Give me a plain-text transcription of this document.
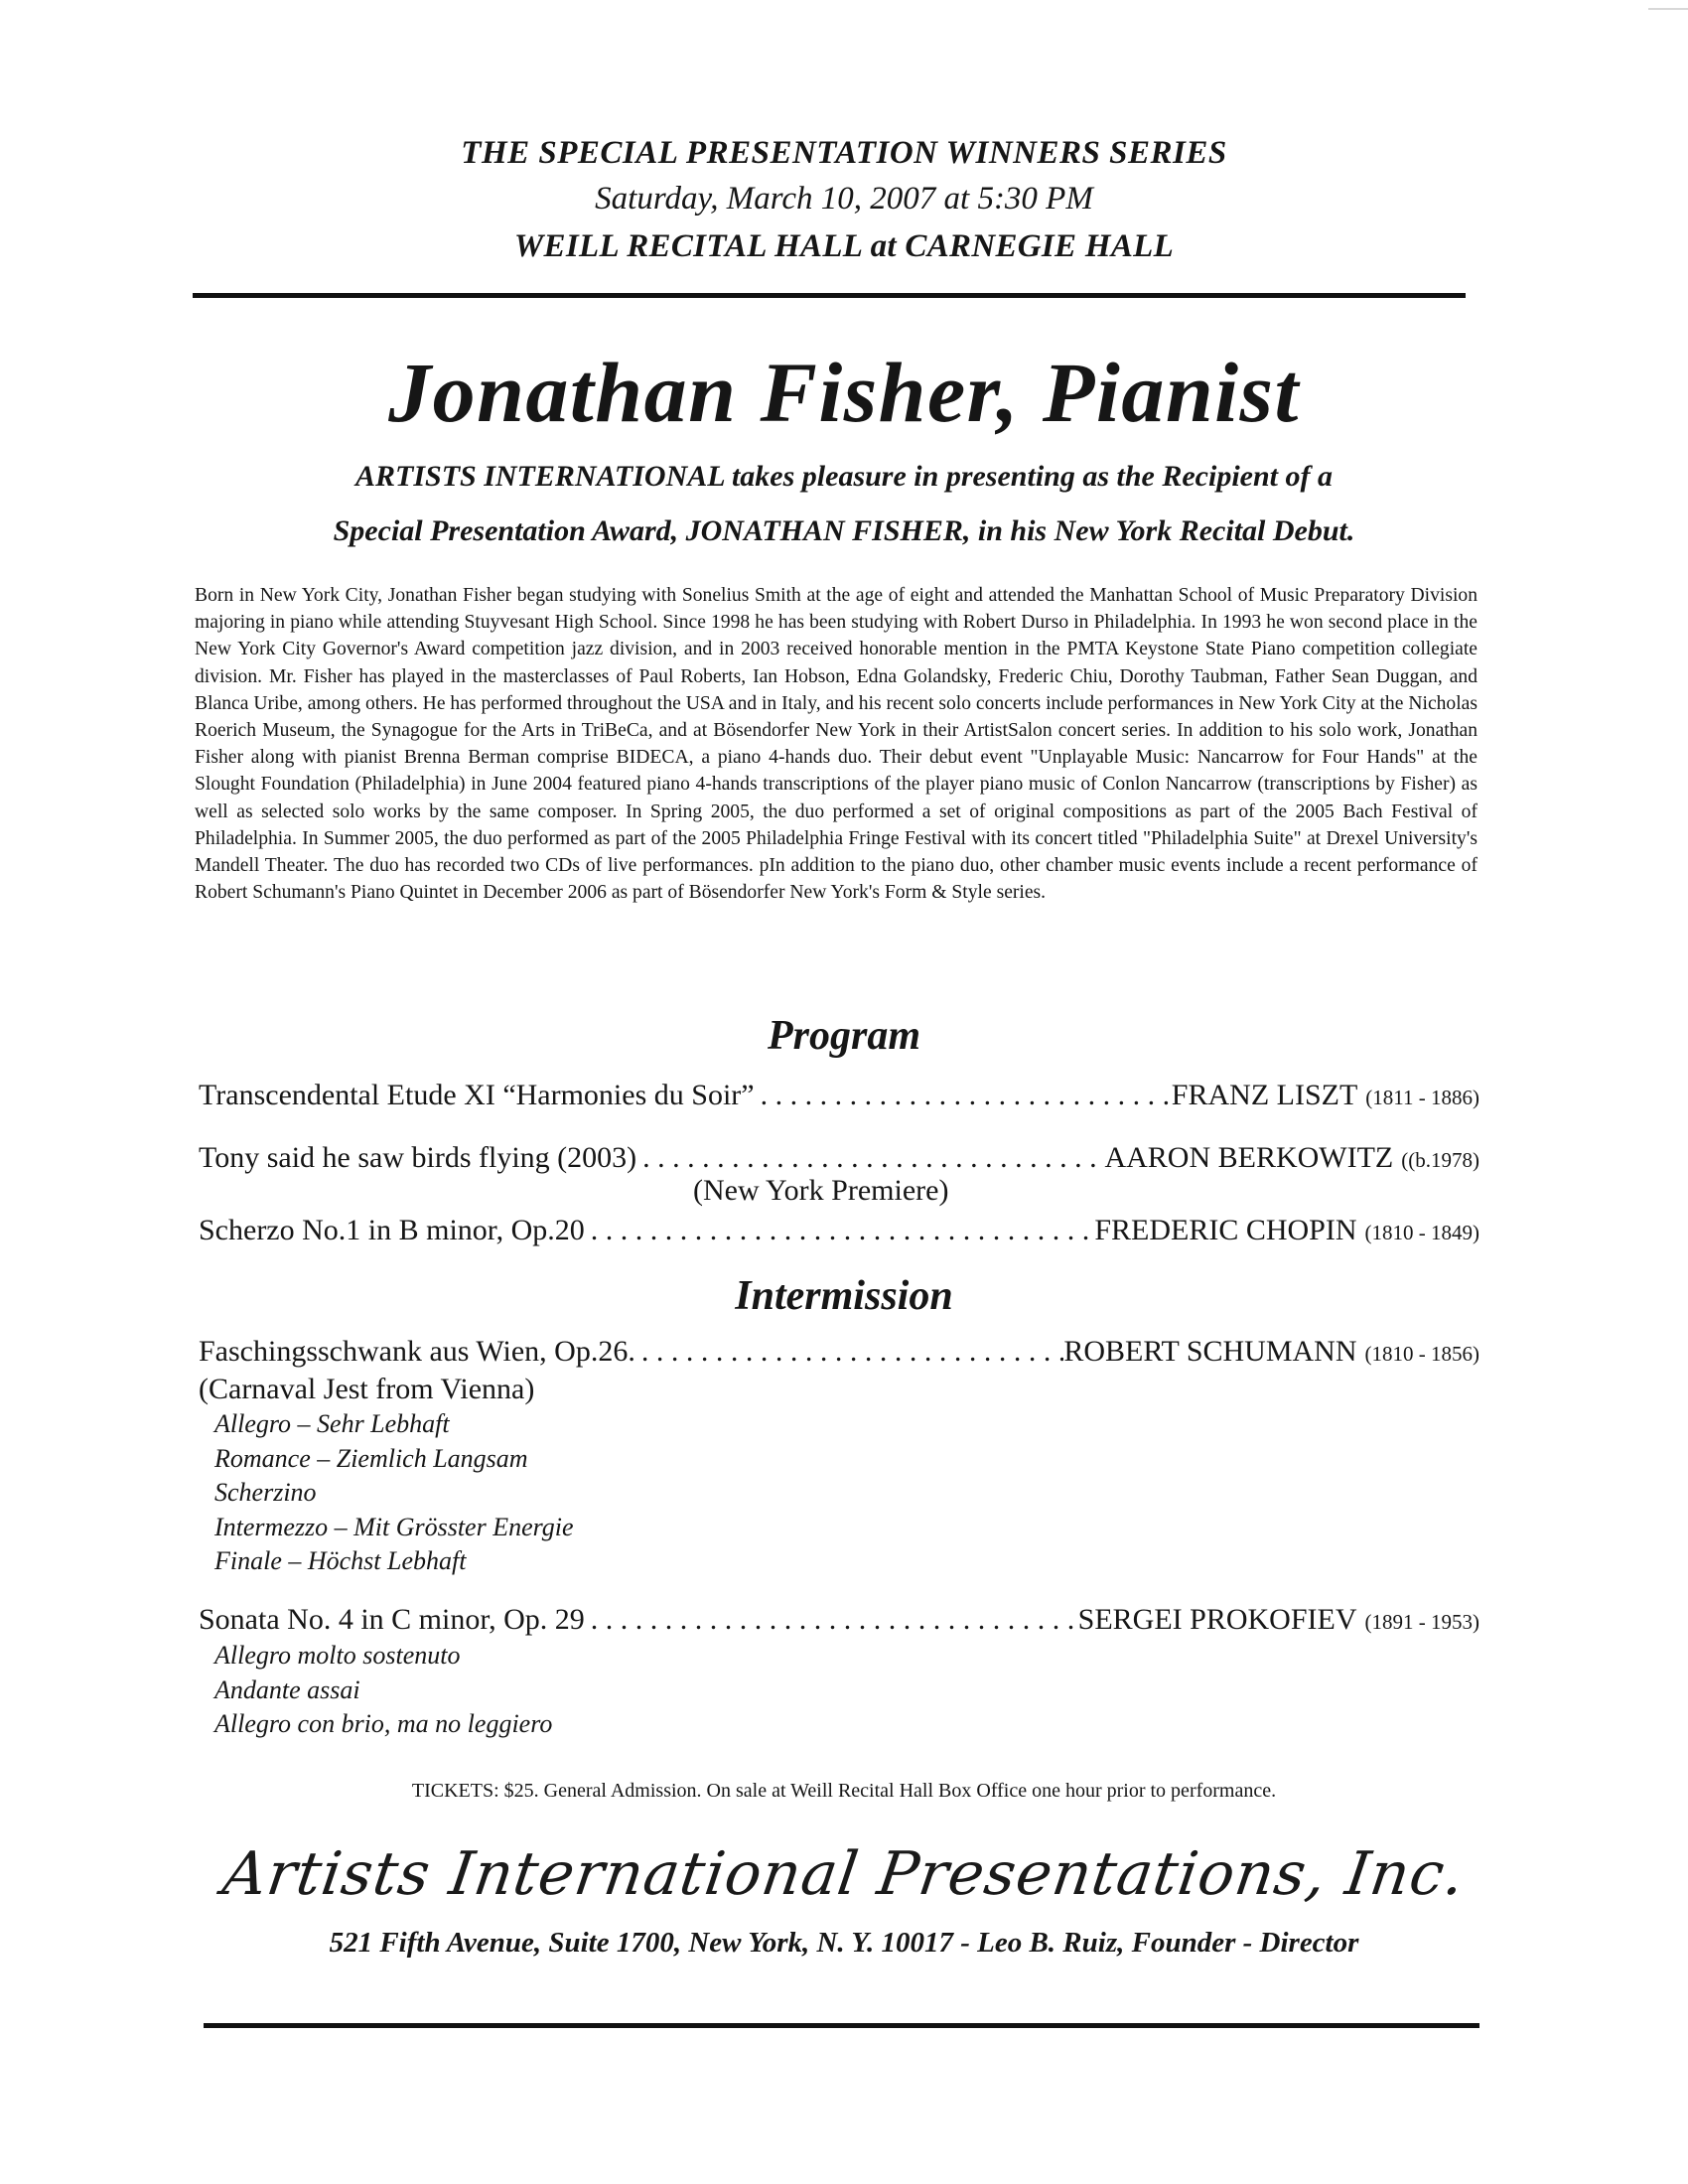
THE SPECIAL PRESENTATION WINNERS SERIES
Saturday, March 10, 2007 at 5:30 PM
WEILL RECITAL HALL at CARNEGIE HALL
Jonathan Fisher, Pianist
ARTISTS INTERNATIONAL takes pleasure in presenting as the Recipient of a
Special Presentation Award, JONATHAN FISHER, in his New York Recital Debut.
Born in New York City, Jonathan Fisher began studying with Sonelius Smith at the age of eight and attended the Manhattan School of Music Preparatory Division majoring in piano while attending Stuyvesant High School. Since 1998 he has been studying with Robert Durso in Philadelphia. In 1993 he won second place in the New York City Governor's Award competition jazz division, and in 2003 received honorable mention in the PMTA Keystone State Piano competition collegiate division. Mr. Fisher has played in the masterclasses of Paul Roberts, Ian Hobson, Edna Golandsky, Frederic Chiu, Dorothy Taubman, Father Sean Duggan, and Blanca Uribe, among others. He has performed throughout the USA and in Italy, and his recent solo concerts include performances in New York City at the Nicholas Roerich Museum, the Synagogue for the Arts in TriBeCa, and at Bösendorfer New York in their ArtistSalon concert series. In addition to his solo work, Jonathan Fisher along with pianist Brenna Berman comprise BIDECA, a piano 4-hands duo. Their debut event "Unplayable Music: Nancarrow for Four Hands" at the Slought Foundation (Philadelphia) in June 2004 featured piano 4-hands transcriptions of the player piano music of Conlon Nancarrow (transcriptions by Fisher) as well as selected solo works by the same composer. In Spring 2005, the duo performed a set of original compositions as part of the 2005 Bach Festival of Philadelphia. In Summer 2005, the duo performed as part of the 2005 Philadelphia Fringe Festival with its concert titled "Philadelphia Suite" at Drexel University's Mandell Theater. The duo has recorded two CDs of live performances. pIn addition to the piano duo, other chamber music events include a recent performance of Robert Schumann's Piano Quintet in December 2006 as part of Bösendorfer New York's Form & Style series.
Program
Transcendental Etude XI “Harmonies du Soir” . . .	FRANZ LISZT (1811 - 1886)
Tony said he saw birds flying (2003) . . .	AARON BERKOWITZ ((b.1978)
(New York Premiere)
Scherzo No.1 in B minor, Op.20 . . .	FREDERIC CHOPIN (1810 - 1849)
Intermission
Faschingsschwank aus Wien, Op.26. . . .	ROBERT SCHUMANN (1810 - 1856)
(Carnaval Jest from Vienna)
Allegro – Sehr Lebhaft
Romance – Ziemlich Langsam
Scherzino
Intermezzo – Mit Grösster Energie
Finale – Höchst Lebhaft
Sonata No. 4 in C minor, Op. 29 . . .	SERGEI PROKOFIEV (1891 - 1953)
Allegro molto sostenuto
Andante assai
Allegro con brio, ma no leggiero
TICKETS: $25. General Admission. On sale at Weill Recital Hall Box Office one hour prior to performance.
Artists International Presentations, Inc.
521 Fifth Avenue, Suite 1700, New York, N. Y. 10017 - Leo B. Ruiz, Founder - Director
